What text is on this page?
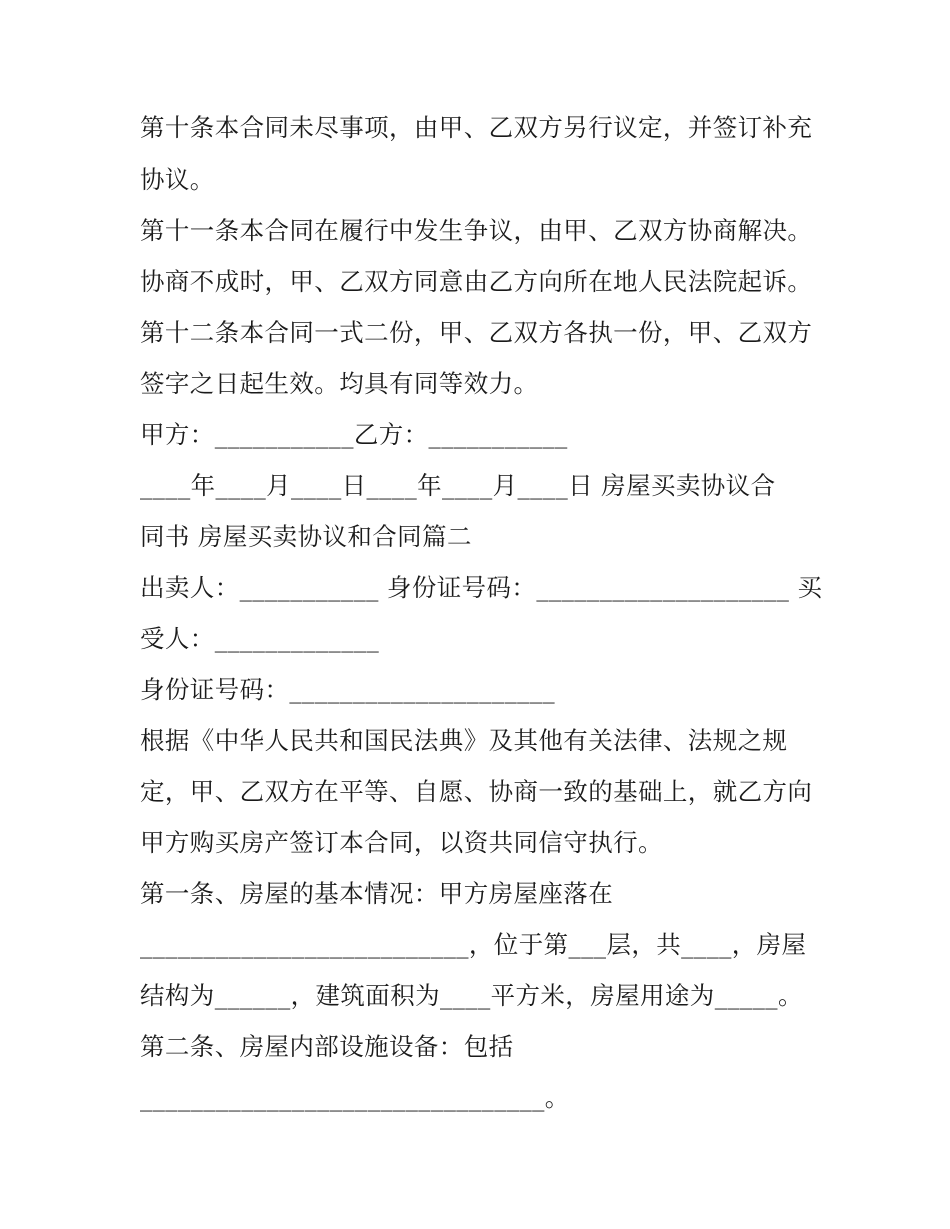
第十条本合同未尽事项，由甲、乙双方另行议定，并签订补充
协议。
第十一条本合同在履行中发生争议，由甲、乙双方协商解决。
协商不成时，甲、乙双方同意由乙方向所在地人民法院起诉。
第十二条本合同一式二份，甲、乙双方各执一份，甲、乙双方
签字之日起生效。均具有同等效力。
甲方：___________乙方：___________
____年____月____日____年____月____日 房屋买卖协议合
同书 房屋买卖协议和合同篇二
出卖人：___________ 身份证号码：____________________ 买
受人：_____________
身份证号码：_____________________
根据《中华人民共和国民法典》及其他有关法律、法规之规
定，甲、乙双方在平等、自愿、协商一致的基础上，就乙方向
甲方购买房产签订本合同，以资共同信守执行。
第一条、房屋的基本情况：甲方房屋座落在
__________________________，位于第___层，共____，房屋
结构为______，建筑面积为____平方米，房屋用途为_____。
第二条、房屋内部设施设备：包括
________________________________。
